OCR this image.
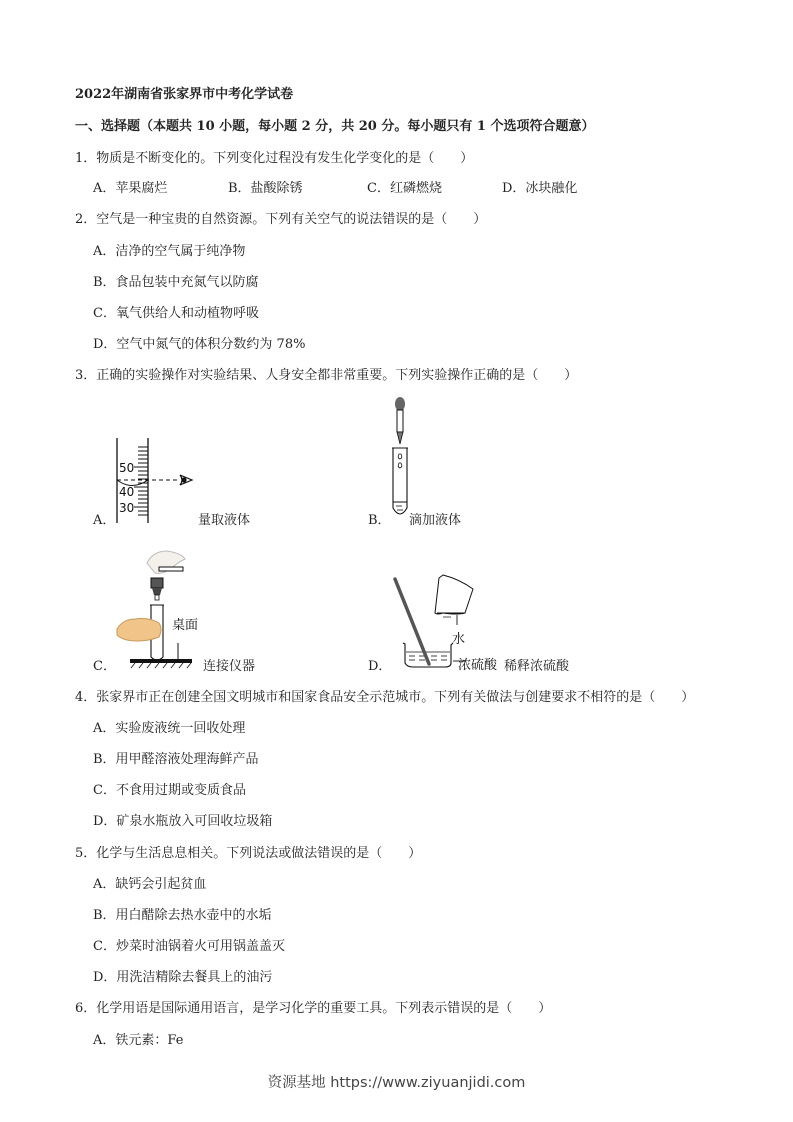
2022年湖南省张家界市中考化学试卷
一、选择题（本题共 10 小题，每小题 2 分，共 20 分。每小题只有 1 个选项符合题意）
1．物质是不断变化的。下列变化过程没有发生化学变化的是（　　）
A．苹果腐烂	B．盐酸除锈	C．红磷燃烧	D．冰块融化
2．空气是一种宝贵的自然资源。下列有关空气的说法错误的是（　　）
A．洁净的空气属于纯净物
B．食品包装中充氮气以防腐
C．氧气供给人和动植物呼吸
D．空气中氮气的体积分数约为 78%
3．正确的实验操作对实验结果、人身安全都非常重要。下列实验操作正确的是（　　）
A．
50
40
30
量取液体	B． 滴加液体
C．
桌面
连接仪器	D．
水
浓硫酸 稀释浓硫酸
4．张家界市正在创建全国文明城市和国家食品安全示范城市。下列有关做法与创建要求不相符的是（　　）
A．实验废液统一回收处理
B．用甲醛溶液处理海鲜产品
C．不食用过期或变质食品
D．矿泉水瓶放入可回收垃圾箱
5．化学与生活息息相关。下列说法或做法错误的是（　　）
A．缺钙会引起贫血
B．用白醋除去热水壶中的水垢
C．炒菜时油锅着火可用锅盖盖灭
D．用洗洁精除去餐具上的油污
6．化学用语是国际通用语言，是学习化学的重要工具。下列表示错误的是（　　）
A．铁元素：Fe
资源基地 https://www.ziyuanjidi.com
